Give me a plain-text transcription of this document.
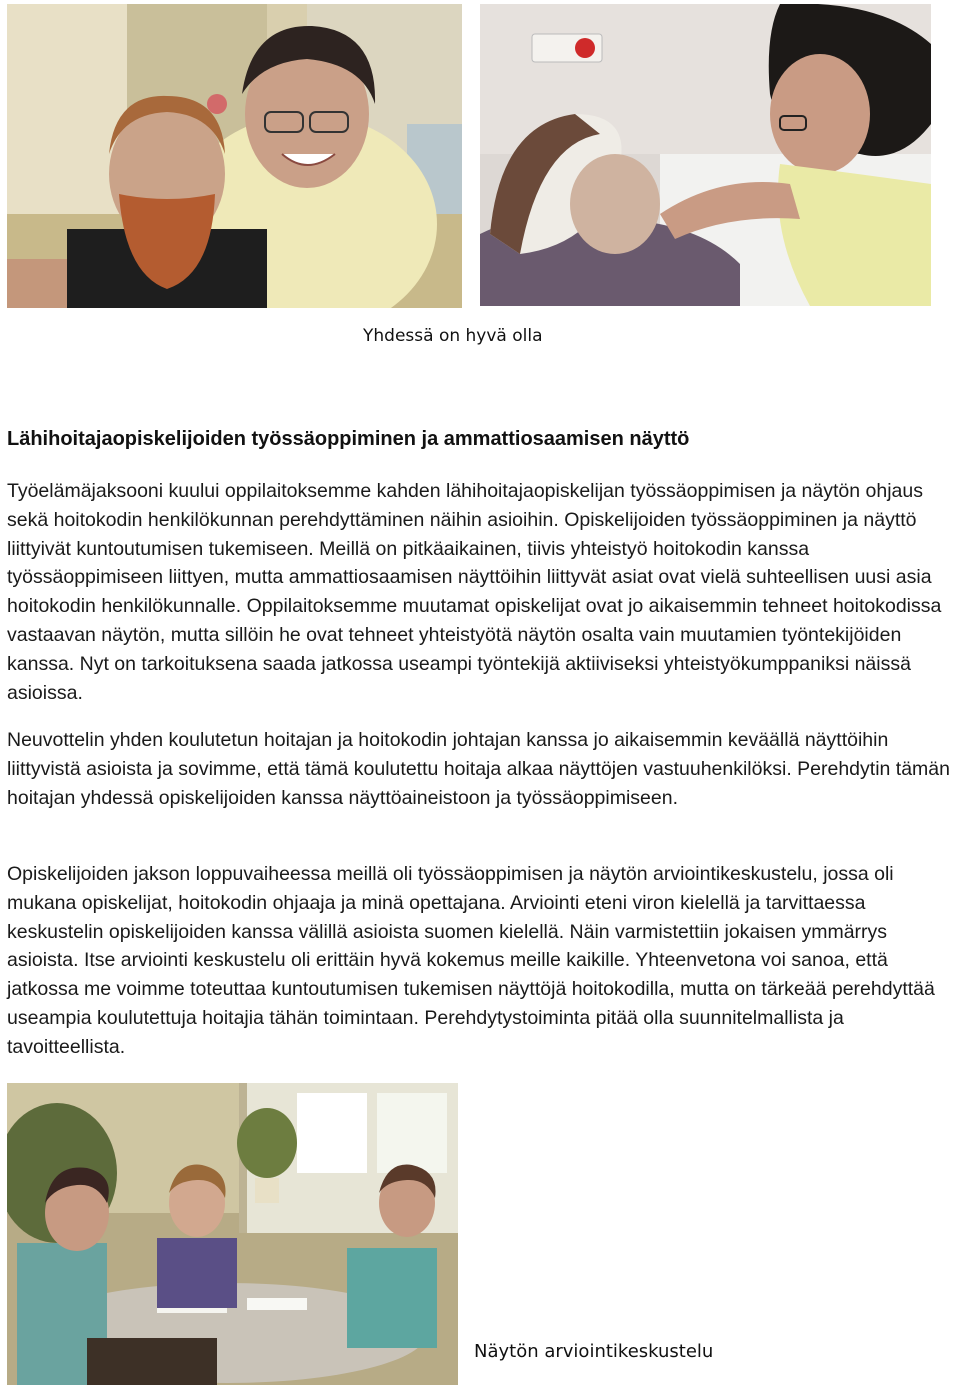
Yhdessä on hyvä olla
Lähihoitajaopiskelijoiden työssäoppiminen ja ammattiosaamisen näyttö

Työelämäjaksooni kuului oppilaitoksemme kahden lähihoitajaopiskelijan työssäoppimisen ja näytön ohjaus sekä hoitokodin henkilökunnan perehdyttäminen näihin asioihin. Opiskelijoiden työssäoppiminen ja näyttö liittyivät kuntoutumisen tukemiseen. Meillä on pitkäaikainen, tiivis yhteistyö hoitokodin kanssa työssäoppimiseen liittyen, mutta ammattiosaamisen näyttöihin liittyvät asiat ovat vielä suhteellisen uusi asia hoitokodin henkilökunnalle. Oppilaitoksemme muutamat opiskelijat ovat jo aikaisemmin tehneet hoitokodissa vastaavan näytön, mutta sillöin he ovat tehneet yhteistyötä näytön osalta vain muutamien työntekijöiden kanssa. Nyt on tarkoituksena saada jatkossa useampi työntekijä aktiiviseksi yhteistyökumppaniksi näissä asioissa.

Neuvottelin yhden koulutetun hoitajan ja hoitokodin johtajan kanssa jo aikaisemmin keväällä näyttöihin liittyvistä asioista ja sovimme, että tämä koulutettu hoitaja alkaa näyttöjen vastuuhenkilöksi. Perehdytin tämän hoitajan yhdessä opiskelijoiden kanssa näyttöaineistoon ja työssäoppimiseen.

Opiskelijoiden jakson loppuvaiheessa meillä oli työssäoppimisen ja näytön arviointikeskustelu, jossa oli mukana opiskelijat, hoitokodin ohjaaja ja minä opettajana. Arviointi eteni viron kielellä ja tarvittaessa keskustelin opiskelijoiden kanssa välillä asioista suomen kielellä. Näin varmistettiin jokaisen ymmärrys asioista. Itse arviointi keskustelu oli erittäin hyvä kokemus meille kaikille. Yhteenvetona voi sanoa, että jatkossa me voimme toteuttaa kuntoutumisen tukemisen näyttöjä hoitokodilla, mutta on tärkeää perehdyttää useampia koulutettuja hoitajia tähän toimintaan. Perehdytystoiminta pitää olla suunnitelmallista ja tavoitteellista.

Näytön arviointikeskustelu
